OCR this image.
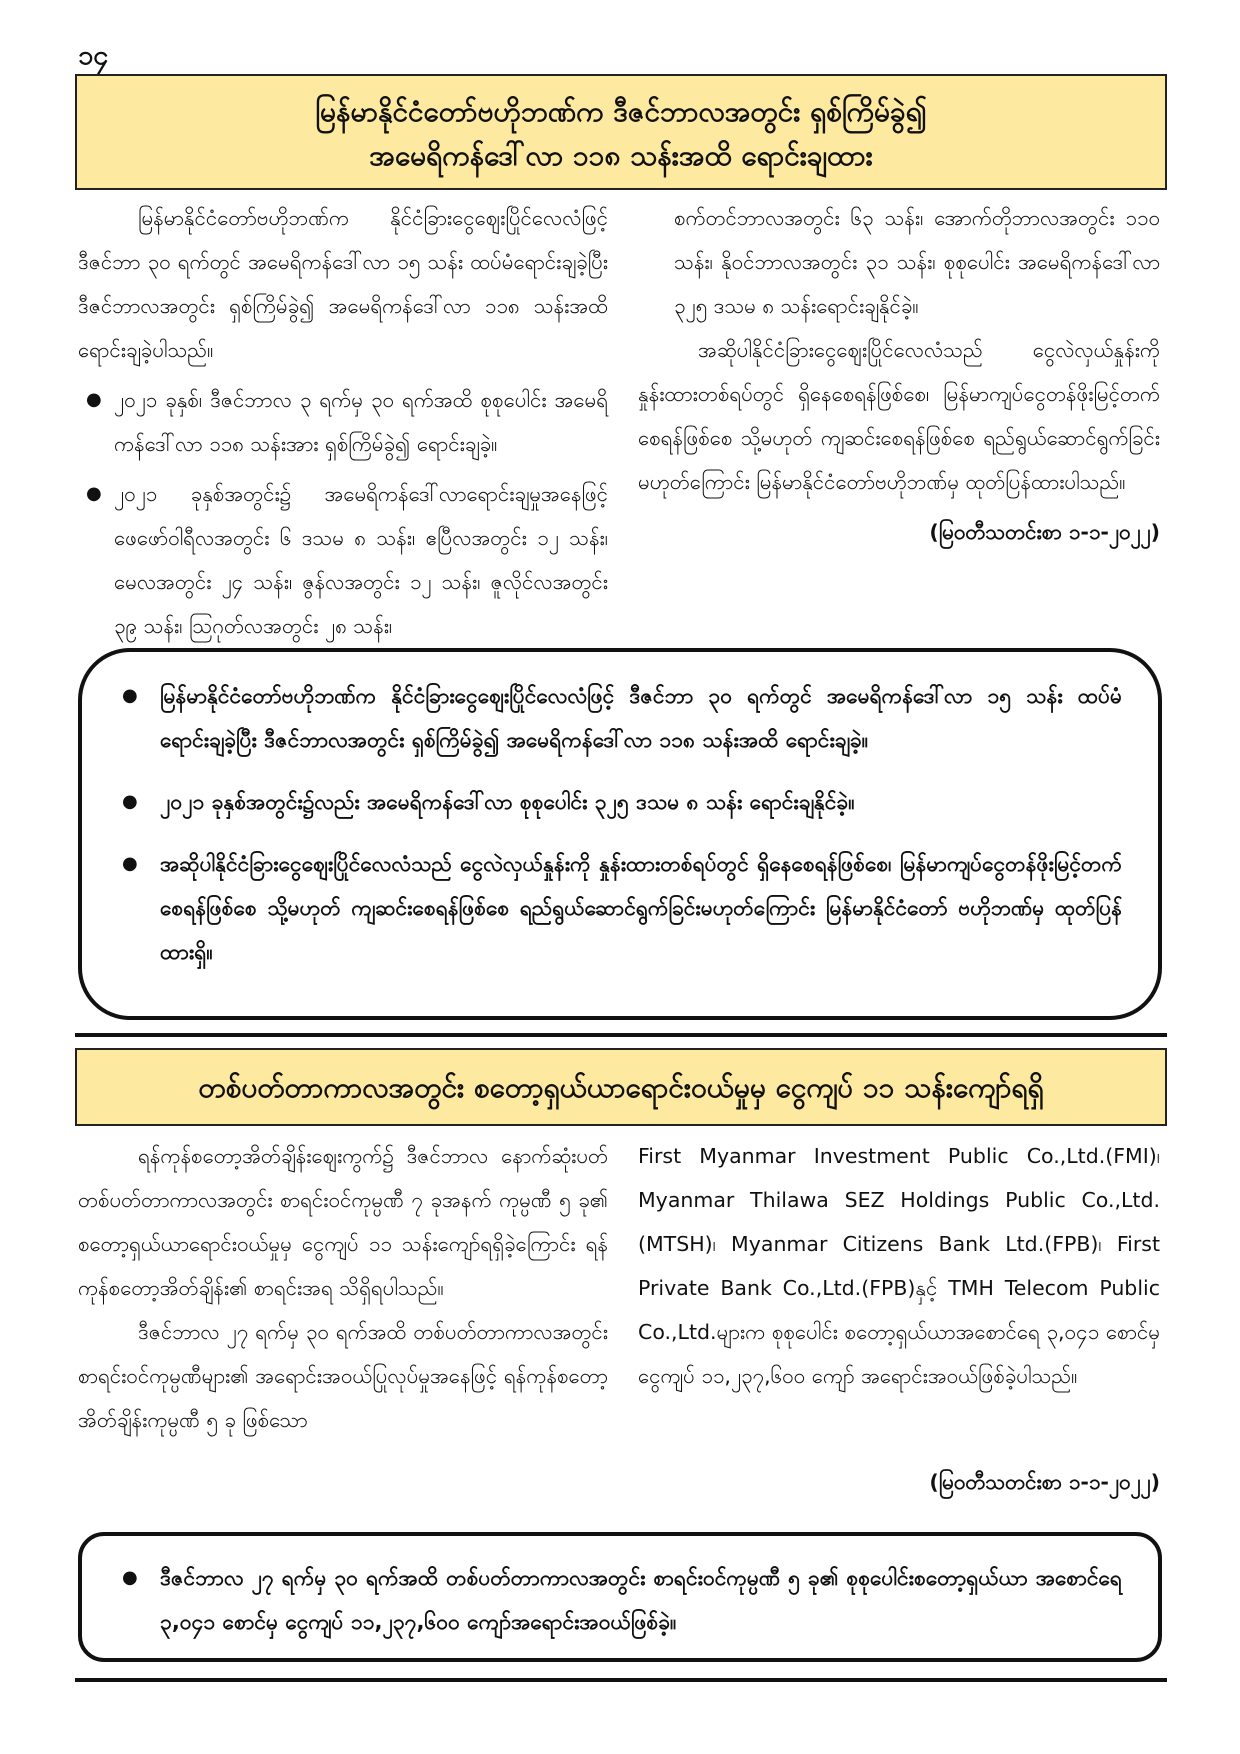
၁၄
မြန်မာနိုင်ငံတော်ဗဟိုဘဏ်က ဒီဇင်ဘာလအတွင်း ရှစ်ကြိမ်ခွဲ၍
အမေရိကန်ဒေါ်လာ ၁၁၈ သန်းအထိ ရောင်းချထား

မြန်မာနိုင်ငံတော်ဗဟိုဘဏ်က နိုင်ငံခြားငွေဈေးပြိုင်လေလံဖြင့် ဒီဇင်ဘာ ၃၀ ရက်တွင် အမေရိကန်ဒေါ်လာ ၁၅ သန်း ထပ်မံရောင်းချခဲ့ပြီး ဒီဇင်ဘာလအတွင်း ရှစ်ကြိမ်ခွဲ၍ အမေရိကန်ဒေါ်လာ ၁၁၈ သန်းအထိ ရောင်းချခဲ့ပါသည်။

● ၂၀၂၁ ခုနှစ်၊ ဒီဇင်ဘာလ ၃ ရက်မှ ၃၀ ရက်အထိ စုစုပေါင်း အမေရိကန်ဒေါ်လာ ၁၁၈ သန်းအား ရှစ်ကြိမ်ခွဲ၍ ရောင်းချခဲ့။
● ၂၀၂၁ ခုနှစ်အတွင်း၌ အမေရိကန်ဒေါ်လာရောင်းချမှုအနေဖြင့် ဖေဖော်ဝါရီလအတွင်း ၆ ဒသမ ၈ သန်း၊ ဧပြီလအတွင်း ၁၂ သန်း၊ မေလအတွင်း ၂၄ သန်း၊ ဇွန်လအတွင်း ၁၂ သန်း၊ ဇူလိုင်လအတွင်း ၃၉ သန်း၊ ဩဂုတ်လအတွင်း ၂၈ သန်း၊

စက်တင်ဘာလအတွင်း ၆၃ သန်း၊ အောက်တိုဘာလအတွင်း ၁၁၀ သန်း၊ နိုဝင်ဘာလအတွင်း ၃၁ သန်း၊ စုစုပေါင်း အမေရိကန်ဒေါ်လာ ၃၂၅ ဒသမ ၈ သန်းရောင်းချနိုင်ခဲ့။

အဆိုပါနိုင်ငံခြားငွေဈေးပြိုင်လေလံသည် ငွေလဲလှယ်နှုန်းကို နှုန်းထားတစ်ရပ်တွင် ရှိနေစေရန်ဖြစ်စေ၊ မြန်မာကျပ်ငွေတန်ဖိုးမြင့်တက်စေရန်ဖြစ်စေ သို့မဟုတ် ကျဆင်းစေရန်ဖြစ်စေ ရည်ရွယ်ဆောင်ရွက်ခြင်းမဟုတ်ကြောင်း မြန်မာနိုင်ငံတော်ဗဟိုဘဏ်မှ ထုတ်ပြန်ထားပါသည်။

(မြဝတီသတင်းစာ ၁-၁-၂၀၂၂)
● မြန်မာနိုင်ငံတော်ဗဟိုဘဏ်က နိုင်ငံခြားငွေဈေးပြိုင်လေလံဖြင့် ဒီဇင်ဘာ ၃၀ ရက်တွင် အမေရိကန်ဒေါ်လာ ၁၅ သန်း ထပ်မံရောင်းချခဲ့ပြီး ဒီဇင်ဘာလအတွင်း ရှစ်ကြိမ်ခွဲ၍ အမေရိကန်ဒေါ်လာ ၁၁၈ သန်းအထိ ရောင်းချခဲ့။
● ၂၀၂၁ ခုနှစ်အတွင်း၌လည်း အမေရိကန်ဒေါ်လာ စုစုပေါင်း ၃၂၅ ဒသမ ၈ သန်း ရောင်းချနိုင်ခဲ့။
● အဆိုပါနိုင်ငံခြားငွေဈေးပြိုင်လေလံသည် ငွေလဲလှယ်နှုန်းကို နှုန်းထားတစ်ရပ်တွင် ရှိနေစေရန်ဖြစ်စေ၊ မြန်မာကျပ်ငွေတန်ဖိုးမြင့်တက်စေရန်ဖြစ်စေ သို့မဟုတ် ကျဆင်းစေရန်ဖြစ်စေ ရည်ရွယ်ဆောင်ရွက်ခြင်းမဟုတ်ကြောင်း မြန်မာနိုင်ငံတော် ဗဟိုဘဏ်မှ ထုတ်ပြန်ထားရှိ။
တစ်ပတ်တာကာလအတွင်း စတော့ရှယ်ယာရောင်းဝယ်မှုမှ ငွေကျပ် ၁၁ သန်းကျော်ရရှိ

ရန်ကုန်စတော့အိတ်ချိန်းဈေးကွက်၌ ဒီဇင်ဘာလ နောက်ဆုံးပတ် တစ်ပတ်တာကာလအတွင်း စာရင်းဝင်ကုမ္ပဏီ ၇ ခုအနက် ကုမ္ပဏီ ၅ ခု၏ စတော့ရှယ်ယာရောင်းဝယ်မှုမှ ငွေကျပ် ၁၁ သန်းကျော်ရရှိခဲ့ကြောင်း ရန်ကုန်စတော့အိတ်ချိန်း၏ စာရင်းအရ သိရှိရပါသည်။

ဒီဇင်ဘာလ ၂၇ ရက်မှ ၃၀ ရက်အထိ တစ်ပတ်တာကာလအတွင်း စာရင်းဝင်ကုမ္ပဏီများ၏ အရောင်းအဝယ်ပြုလုပ်မှုအနေဖြင့် ရန်ကုန်စတော့အိတ်ချိန်းကုမ္ပဏီ ၅ ခု ဖြစ်သော

First Myanmar Investment Public Co.,Ltd.(FMI)၊ Myanmar Thilawa SEZ Holdings Public Co.,Ltd.(MTSH)၊ Myanmar Citizens Bank Ltd.(FPB)၊ First Private Bank Co.,Ltd.(FPB)နှင့် TMH Telecom Public Co.,Ltd.များက စုစုပေါင်း စတော့ရှယ်ယာအစောင်ရေ ၃,၀၄၁ စောင်မှ ငွေကျပ် ၁၁,၂၃၇,၆၀၀ ကျော် အရောင်းအဝယ်ဖြစ်ခဲ့ပါသည်။

(မြဝတီသတင်းစာ ၁-၁-၂၀၂၂)
● ဒီဇင်ဘာလ ၂၇ ရက်မှ ၃၀ ရက်အထိ တစ်ပတ်တာကာလအတွင်း စာရင်းဝင်ကုမ္ပဏီ ၅ ခု၏ စုစုပေါင်းစတော့ရှယ်ယာ အစောင်ရေ ၃,၀၄၁ စောင်မှ ငွေကျပ် ၁၁,၂၃၇,၆၀၀ ကျော်အရောင်းအဝယ်ဖြစ်ခဲ့။
